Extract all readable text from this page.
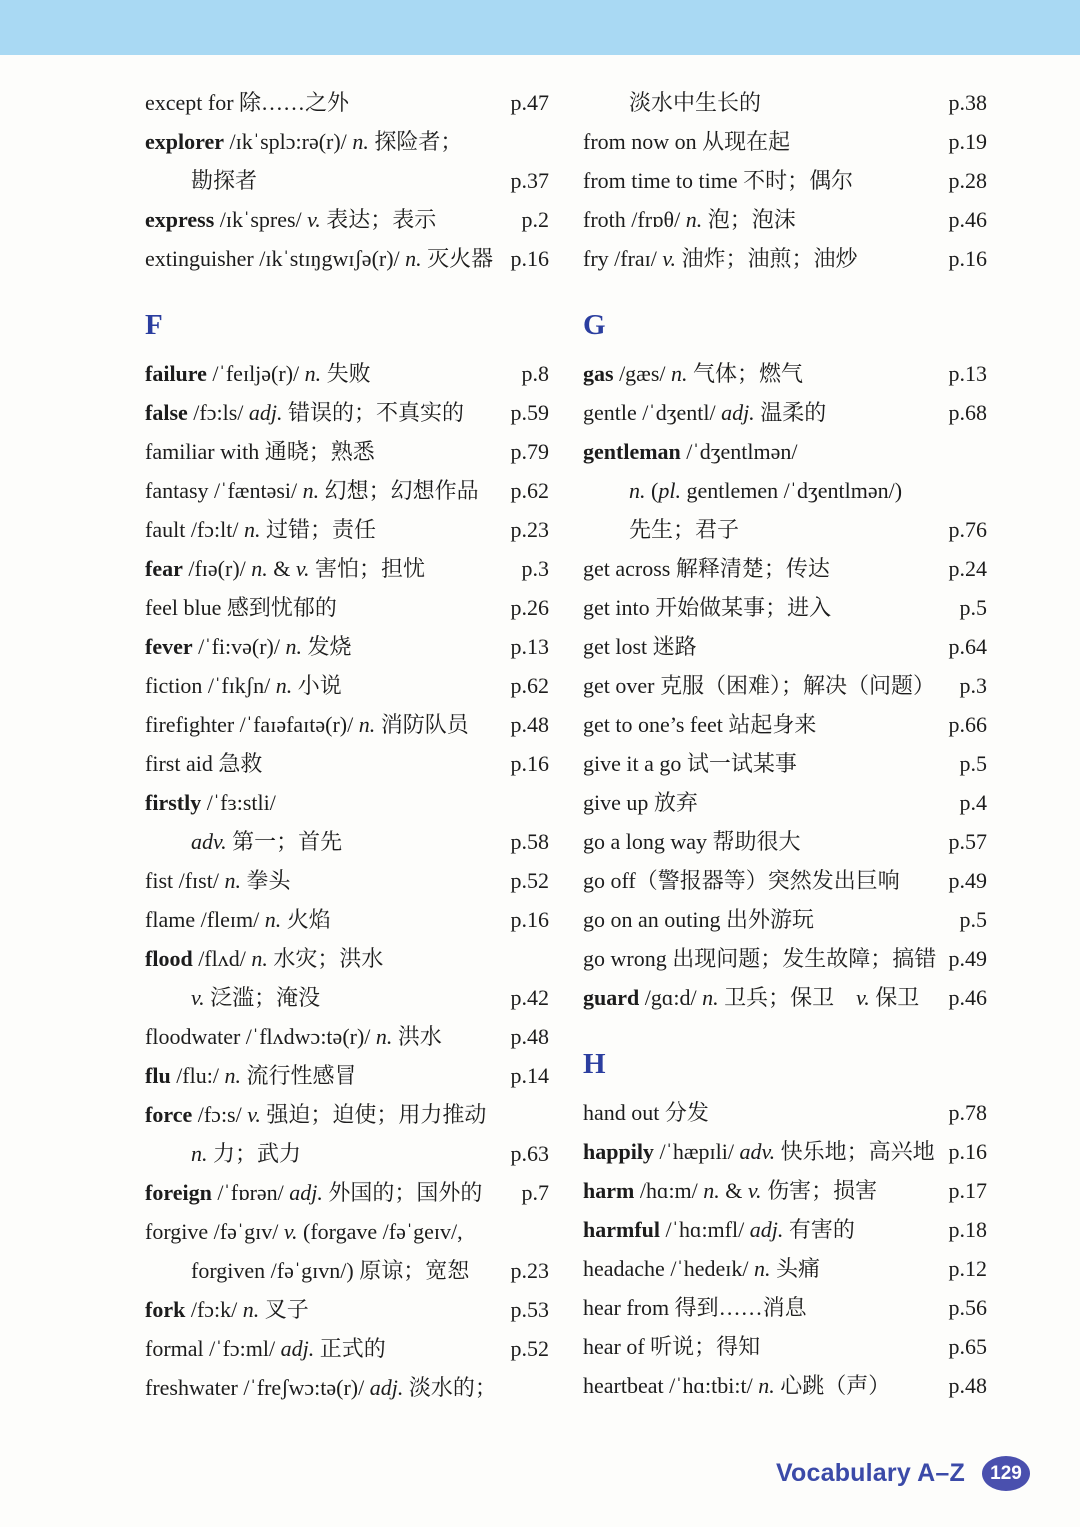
except for 除……之外	p.47
explorer /ɪkˈsplɔ:rə(r)/ n. 探险者；
勘探者	p.37
express /ɪkˈspres/ v. 表达；表示	p.2
extinguisher /ɪkˈstɪŋgwɪʃə(r)/ n. 灭火器 p.16
F
failure /ˈfeɪljə(r)/ n. 失败	p.8
false /fɔ:ls/ adj. 错误的；不真实的	p.59
familiar with 通晓；熟悉	p.79
fantasy /ˈfæntəsi/ n. 幻想；幻想作品	p.62
fault /fɔ:lt/ n. 过错；责任	p.23
fear /fɪə(r)/ n. & v. 害怕；担忧	p.3
feel blue 感到忧郁的	p.26
fever /ˈfi:və(r)/ n. 发烧	p.13
fiction /ˈfɪkʃn/ n. 小说	p.62
firefighter /ˈfaɪəfaɪtə(r)/ n. 消防队员	p.48
first aid 急救	p.16
firstly /ˈfɜ:stli/
adv. 第一；首先	p.58
fist /fɪst/ n. 拳头	p.52
flame /fleɪm/ n. 火焰	p.16
flood /flʌd/ n. 水灾；洪水
v. 泛滥；淹没	p.42
floodwater /ˈflʌdwɔ:tə(r)/ n. 洪水	p.48
flu /flu:/ n. 流行性感冒	p.14
force /fɔ:s/ v. 强迫；迫使；用力推动
n. 力；武力	p.63
foreign /ˈfɒrən/ adj. 外国的；国外的	p.7
forgive /fəˈgɪv/ v. (forgave /fəˈgeɪv/,
forgiven /fəˈgɪvn/) 原谅；宽恕	p.23
fork /fɔ:k/ n. 叉子	p.53
formal /ˈfɔ:ml/ adj. 正式的	p.52
freshwater /ˈfreʃwɔ:tə(r)/ adj. 淡水的；
淡水中生长的	p.38
from now on 从现在起	p.19
from time to time 不时；偶尔	p.28
froth /frɒθ/ n. 泡；泡沫	p.46
fry /fraɪ/ v. 油炸；油煎；油炒	p.16
G
gas /gæs/ n. 气体；燃气	p.13
gentle /ˈdʒentl/ adj. 温柔的	p.68
gentleman /ˈdʒentlmən/
n. (pl. gentlemen /ˈdʒentlmən/)
先生；君子	p.76
get across 解释清楚；传达	p.24
get into 开始做某事；进入	p.5
get lost 迷路	p.64
get over 克服（困难）；解决（问题）	p.3
get to one’s feet 站起身来	p.66
give it a go 试一试某事	p.5
give up 放弃	p.4
go a long way 帮助很大	p.57
go off（警报器等）突然发出巨响	p.49
go on an outing 出外游玩	p.5
go wrong 出现问题；发生故障；搞错 p.49
guard /gɑ:d/ n. 卫兵；保卫　v. 保卫	p.46
H
hand out 分发	p.78
happily /ˈhæpɪli/ adv. 快乐地；高兴地 p.16
harm /hɑ:m/ n. & v. 伤害；损害	p.17
harmful /ˈhɑ:mfl/ adj. 有害的	p.18
headache /ˈhedeɪk/ n. 头痛	p.12
hear from 得到……消息	p.56
hear of 听说；得知	p.65
heartbeat /ˈhɑ:tbi:t/ n. 心跳（声）	p.48
Vocabulary A–Z	129
